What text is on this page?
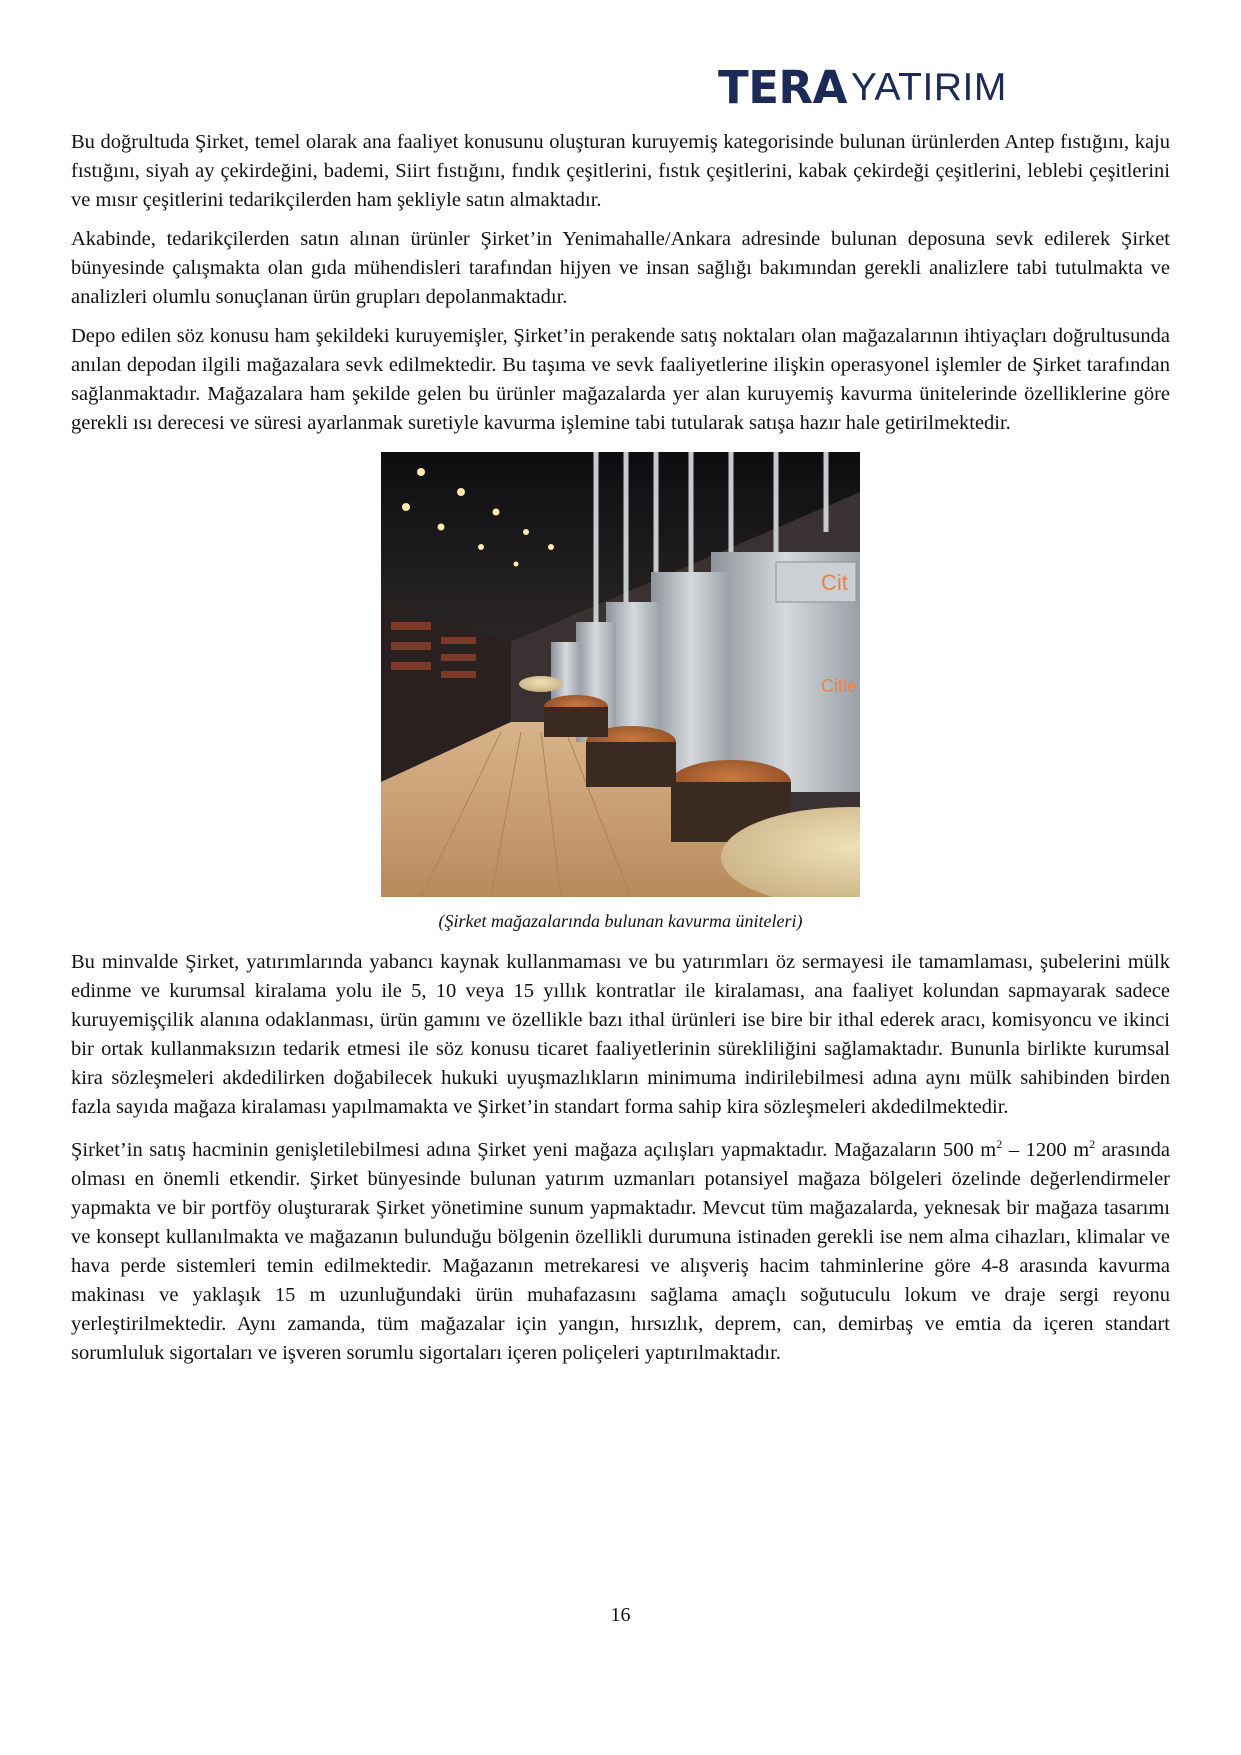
TERA YATIRIM

Bu doğrultuda Şirket, temel olarak ana faaliyet konusunu oluşturan kuruyemiş kategorisinde bulunan ürünlerden Antep fıstığını, kaju fıstığını, siyah ay çekirdeğini, bademi, Siirt fıstığını, fındık çeşitlerini, fıstık çeşitlerini, kabak çekirdeği çeşitlerini, leblebi çeşitlerini ve mısır çeşitlerini tedarikçilerden ham şekliyle satın almaktadır.

Akabinde, tedarikçilerden satın alınan ürünler Şirket’in Yenimahalle/Ankara adresinde bulunan deposuna sevk edilerek Şirket bünyesinde çalışmakta olan gıda mühendisleri tarafından hijyen ve insan sağlığı bakımından gerekli analizlere tabi tutulmakta ve analizleri olumlu sonuçlanan ürün grupları depolanmaktadır.

Depo edilen söz konusu ham şekildeki kuruyemişler, Şirket’in perakende satış noktaları olan mağazalarının ihtiyaçları doğrultusunda anılan depodan ilgili mağazalara sevk edilmektedir. Bu taşıma ve sevk faaliyetlerine ilişkin operasyonel işlemler de Şirket tarafından sağlanmaktadır. Mağazalara ham şekilde gelen bu ürünler mağazalarda yer alan kuruyemiş kavurma ünitelerinde özelliklerine göre gerekli ısı derecesi ve süresi ayarlanmak suretiyle kavurma işlemine tabi tutularak satışa hazır hale getirilmektedir.

Cit
Citle
(Şirket mağazalarında bulunan kavurma üniteleri)

Bu minvalde Şirket, yatırımlarında yabancı kaynak kullanmaması ve bu yatırımları öz sermayesi ile tamamlaması, şubelerini mülk edinme ve kurumsal kiralama yolu ile 5, 10 veya 15 yıllık kontratlar ile kiralaması, ana faaliyet kolundan sapmayarak sadece kuruyemişçilik alanına odaklanması, ürün gamını ve özellikle bazı ithal ürünleri ise bire bir ithal ederek aracı, komisyoncu ve ikinci bir ortak kullanmaksızın tedarik etmesi ile söz konusu ticaret faaliyetlerinin sürekliliğini sağlamaktadır. Bununla birlikte kurumsal kira sözleşmeleri akdedilirken doğabilecek hukuki uyuşmazlıkların minimuma indirilebilmesi adına aynı mülk sahibinden birden fazla sayıda mağaza kiralaması yapılmamakta ve Şirket’in standart forma sahip kira sözleşmeleri akdedilmektedir.

Şirket’in satış hacminin genişletilebilmesi adına Şirket yeni mağaza açılışları yapmaktadır. Mağazaların 500 $m^2 - 1200$ $m^2$ arasında olması en önemli etkendir. Şirket bünyesinde bulunan yatırım uzmanları potansiyel mağaza bölgeleri özelinde değerlendirmeler yapmakta ve bir portföy oluşturarak Şirket yönetimine sunum yapmaktadır. Mevcut tüm mağazalarda, yeknesak bir mağaza tasarımı ve konsept kullanılmakta ve mağazanın bulunduğu bölgenin özellikli durumuna istinaden gerekli ise nem alma cihazları, klimalar ve hava perde sistemleri temin edilmektedir. Mağazanın metrekaresi ve alışveriş hacim tahminlerine göre 4-8 arasında kavurma makinası ve yaklaşık 15 m uzunluğundaki ürün muhafazasını sağlama amaçlı soğutuculu lokum ve draje sergi reyonu yerleştirilmektedir. Aynı zamanda, tüm mağazalar için yangın, hırsızlık, deprem, can, demirbaş ve emtia da içeren standart sorumluluk sigortaları ve işveren sorumlu sigortaları içeren poliçeleri yaptırılmaktadır.

16
